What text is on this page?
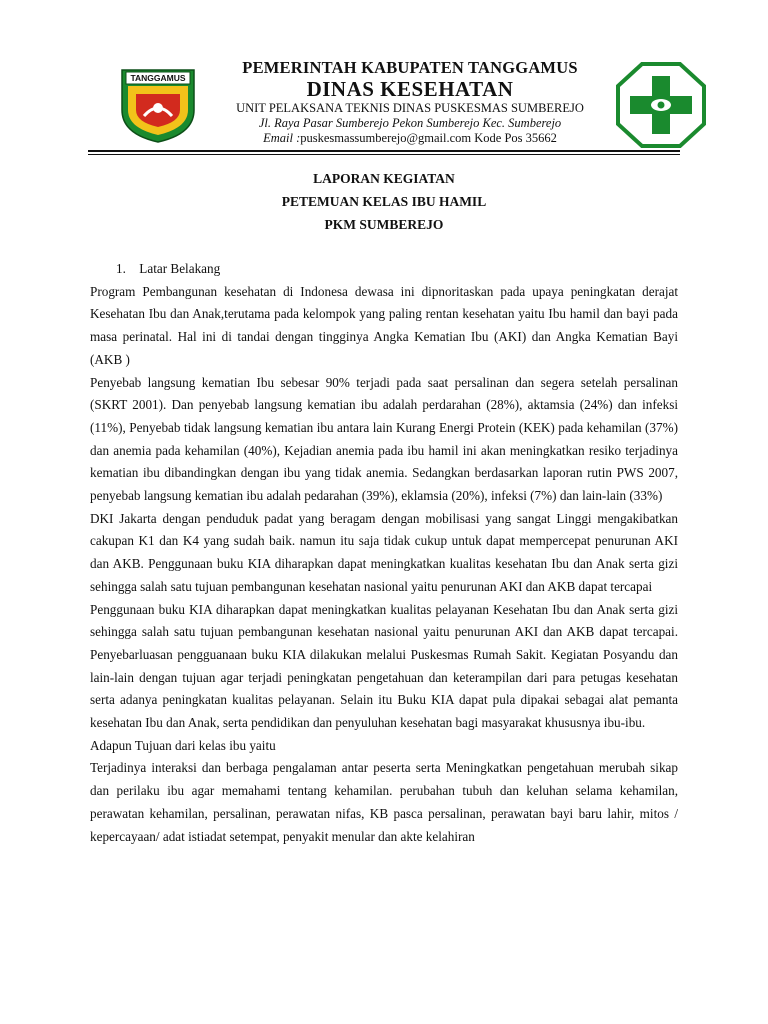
TANGGAMUS
PEMERINTAH KABUPATEN TANGGAMUS
DINAS KESEHATAN
UNIT PELAKSANA TEKNIS DINAS PUSKESMAS SUMBEREJO
Jl. Raya Pasar Sumberejo Pekon Sumberejo Kec. Sumberejo
Email :puskesmassumberejo@gmail.com Kode Pos 35662
LAPORAN KEGIATAN
PETEMUAN KELAS IBU HAMIL
PKM SUMBEREJO
1. Latar Belakang

Program Pembangunan kesehatan di Indonesa dewasa ini dipnoritaskan pada upaya peningkatan derajat Kesehatan Ibu dan Anak,terutama pada kelompok yang paling rentan kesehatan yaitu Ibu hamil dan bayi pada masa perinatal. Hal ini di tandai dengan tingginya Angka Kematian Ibu (AKI) dan Angka Kematian Bayi (AKB )

Penyebab langsung kematian Ibu sebesar 90% terjadi pada saat persalinan dan segera setelah persalinan (SKRT 2001). Dan penyebab langsung kematian ibu adalah perdarahan (28%), aktamsia (24%) dan infeksi (11%), Penyebab tidak langsung kematian ibu antara lain Kurang Energi Protein (KEK) pada kehamilan (37%) dan anemia pada kehamilan (40%), Kejadian anemia pada ibu hamil ini akan meningkatkan resiko terjadinya kematian ibu dibandingkan dengan ibu yang tidak anemia. Sedangkan berdasarkan laporan rutin PWS 2007, penyebab langsung kematian ibu adalah pedarahan (39%), eklamsia (20%), infeksi (7%) dan lain-lain (33%)

DKI Jakarta dengan penduduk padat yang beragam dengan mobilisasi yang sangat Linggi mengakibatkan cakupan K1 dan K4 yang sudah baik. namun itu saja tidak cukup untuk dapat mempercepat penurunan AKI dan AKB. Penggunaan buku KIA diharapkan dapat meningkatkan kualitas kesehatan Ibu dan Anak serta gizi sehingga salah satu tujuan pembangunan kesehatan nasional yaitu penurunan AKI dan AKB dapat tercapai

Penggunaan buku KIA diharapkan dapat meningkatkan kualitas pelayanan Kesehatan Ibu dan Anak serta gizi sehingga salah satu tujuan pembangunan kesehatan nasional yaitu penurunan AKI dan AKB dapat tercapai. Penyebarluasan pengguanaan buku KIA dilakukan melalui Puskesmas Rumah Sakit. Kegiatan Posyandu dan lain-lain dengan tujuan agar terjadi peningkatan pengetahuan dan keterampilan dari para petugas kesehatan serta adanya peningkatan kualitas pelayanan. Selain itu Buku KIA dapat pula dipakai sebagai alat pemanta kesehatan Ibu dan Anak, serta pendidikan dan penyuluhan kesehatan bagi masyarakat khususnya ibu-ibu.

Adapun Tujuan dari kelas ibu yaitu

Terjadinya interaksi dan berbaga pengalaman antar peserta serta Meningkatkan pengetahuan merubah sikap dan perilaku ibu agar memahami tentang kehamilan. perubahan tubuh dan keluhan selama kehamilan, perawatan kehamilan, persalinan, perawatan nifas, KB pasca persalinan, perawatan bayi baru lahir, mitos / kepercayaan/ adat istiadat setempat, penyakit menular dan akte kelahiran
